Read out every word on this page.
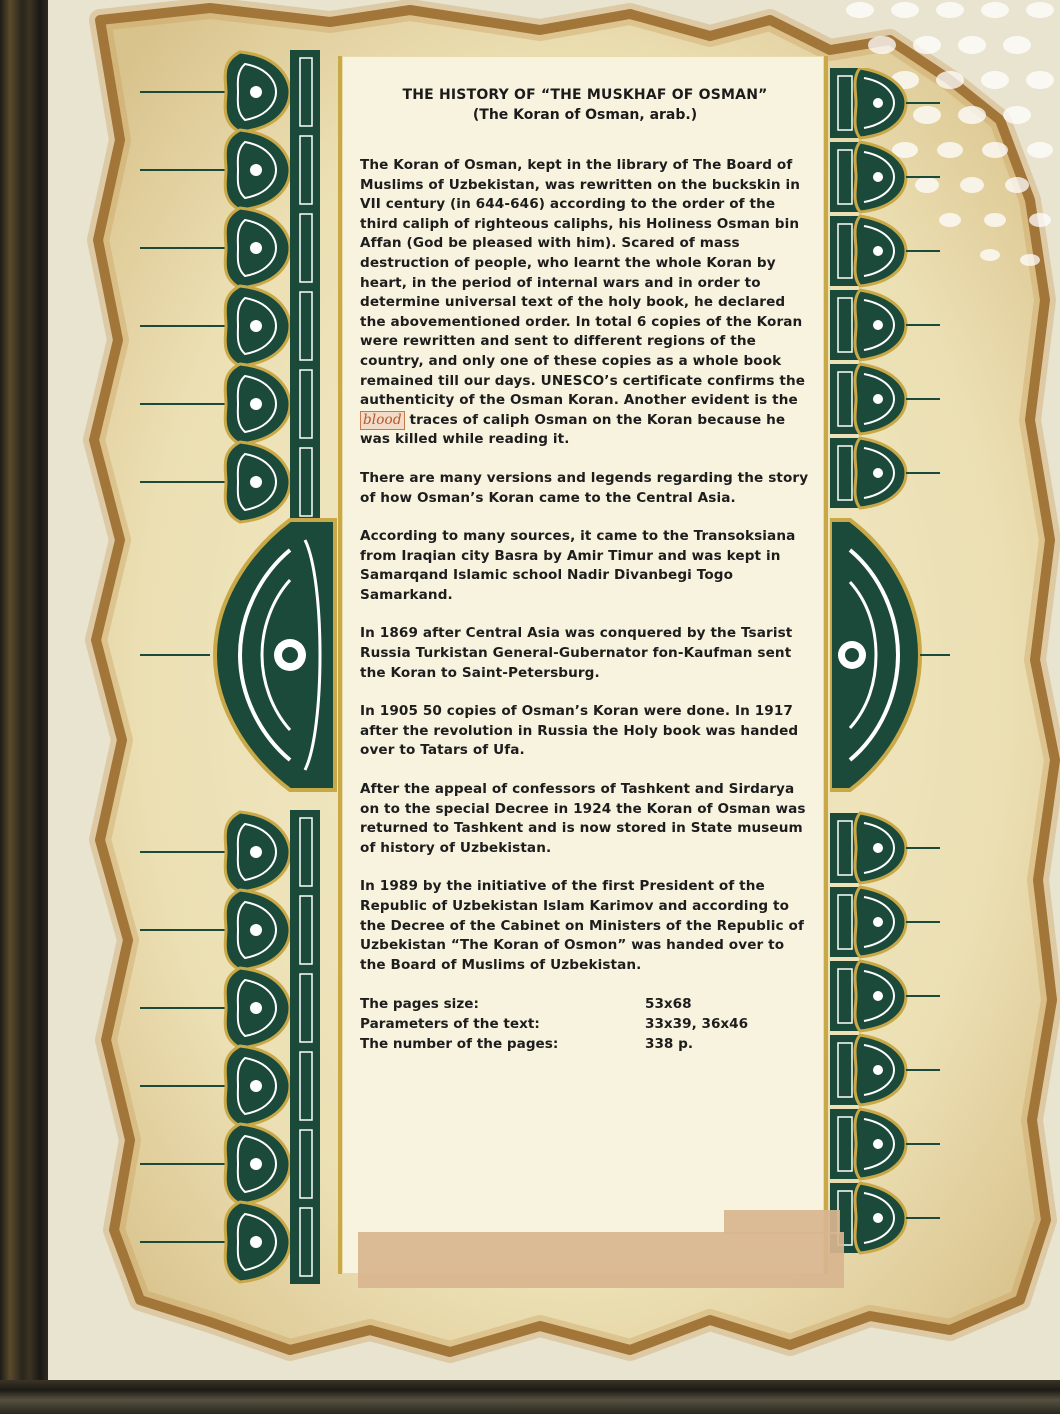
THE HISTORY OF “THE MUSKHAF OF OSMAN”
(The Koran of Osman, arab.)

The Koran of Osman, kept in the library of The Board of Muslims of Uzbekistan, was rewritten on the buckskin in VII century (in 644-646) according to the order of the third caliph of righteous caliphs, his Holiness Osman bin Affan (God be pleased with him). Scared of mass destruction of people, who learnt the whole Koran by heart, in the period of internal wars and in order to determine universal text of the holy book, he declared the abovementioned order. In total 6 copies of the Koran were rewritten and sent to different regions of the country, and only one of these copies as a whole book remained till our days. UNESCO’s certificate confirms the authenticity of the Osman Koran. Another evident is the blood traces of caliph Osman on the Koran because he was killed while reading it.

There are many versions and legends regarding the story of how Osman’s Koran came to the Central Asia.

According to many sources, it came to the Transoksiana from Iraqian city Basra by Amir Timur and was kept in Samarqand Islamic school Nadir Divanbegi Togo Samarkand.

In 1869 after Central Asia was conquered by the Tsarist Russia Turkistan General-Gubernator fon-Kaufman sent the Koran to Saint-Petersburg.

In 1905 50 copies of Osman’s Koran were done. In 1917 after the revolution in Russia the Holy book was handed over to Tatars of Ufa.

After the appeal of confessors of Tashkent and Sirdarya on to the special Decree in 1924 the Koran of Osman was returned to Tashkent and is now stored in State museum of history of Uzbekistan.

In 1989 by the initiative of the first President of the Republic of Uzbekistan Islam Karimov and according to the Decree of the Cabinet on Ministers of the Republic of Uzbekistan “The Koran of Osmon” was handed over to the Board of Muslims of Uzbekistan.

The pages size:	53x68
Parameters of the text:	33x39, 36x46
The number of the pages:	338 p.
